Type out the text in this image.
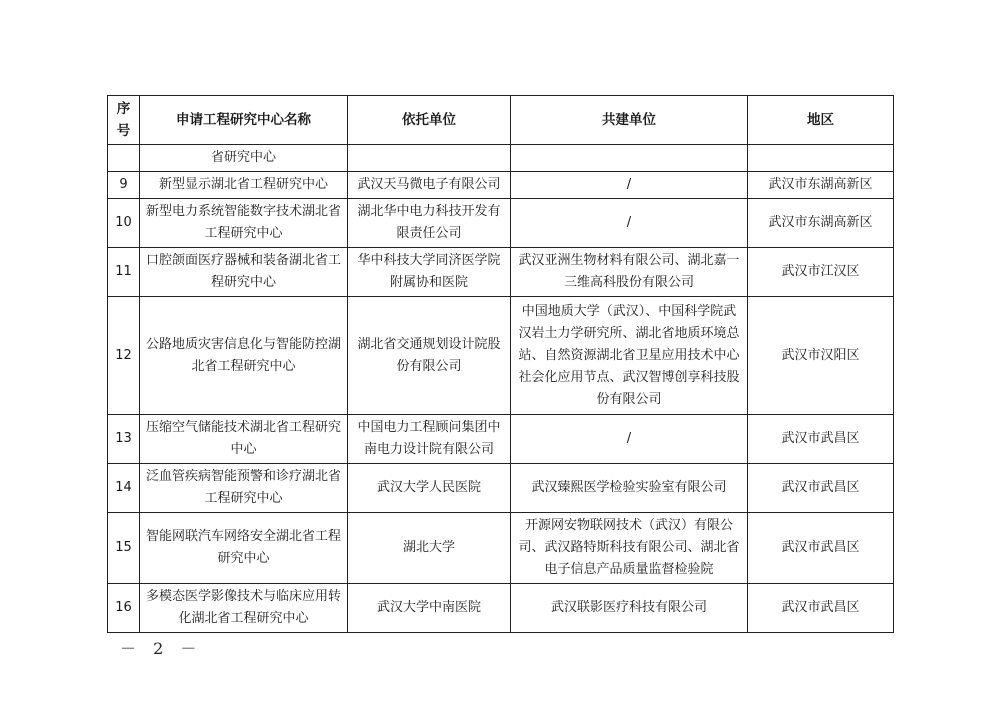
序号	申请工程研究中心名称	依托单位	共建单位	地区
	省研究中心			
9	新型显示湖北省工程研究中心	武汉天马微电子有限公司	/	武汉市东湖高新区
10	新型电力系统智能数字技术湖北省工程研究中心	湖北华中电力科技开发有限责任公司	/	武汉市东湖高新区
11	口腔颌面医疗器械和装备湖北省工程研究中心	华中科技大学同济医学院附属协和医院	武汉亚洲生物材料有限公司、湖北嘉一三维高科股份有限公司	武汉市江汉区
12	公路地质灾害信息化与智能防控湖北省工程研究中心	湖北省交通规划设计院股份有限公司	中国地质大学（武汉）、中国科学院武汉岩土力学研究所、湖北省地质环境总站、自然资源湖北省卫星应用技术中心社会化应用节点、武汉智博创享科技股份有限公司	武汉市汉阳区
13	压缩空气储能技术湖北省工程研究中心	中国电力工程顾问集团中南电力设计院有限公司	/	武汉市武昌区
14	泛血管疾病智能预警和诊疗湖北省工程研究中心	武汉大学人民医院	武汉臻熙医学检验实验室有限公司	武汉市武昌区
15	智能网联汽车网络安全湖北省工程研究中心	湖北大学	开源网安物联网技术（武汉）有限公司、武汉路特斯科技有限公司、湖北省电子信息产品质量监督检验院	武汉市武昌区
16	多模态医学影像技术与临床应用转化湖北省工程研究中心	武汉大学中南医院	武汉联影医疗科技有限公司	武汉市武昌区
－ 2 －
